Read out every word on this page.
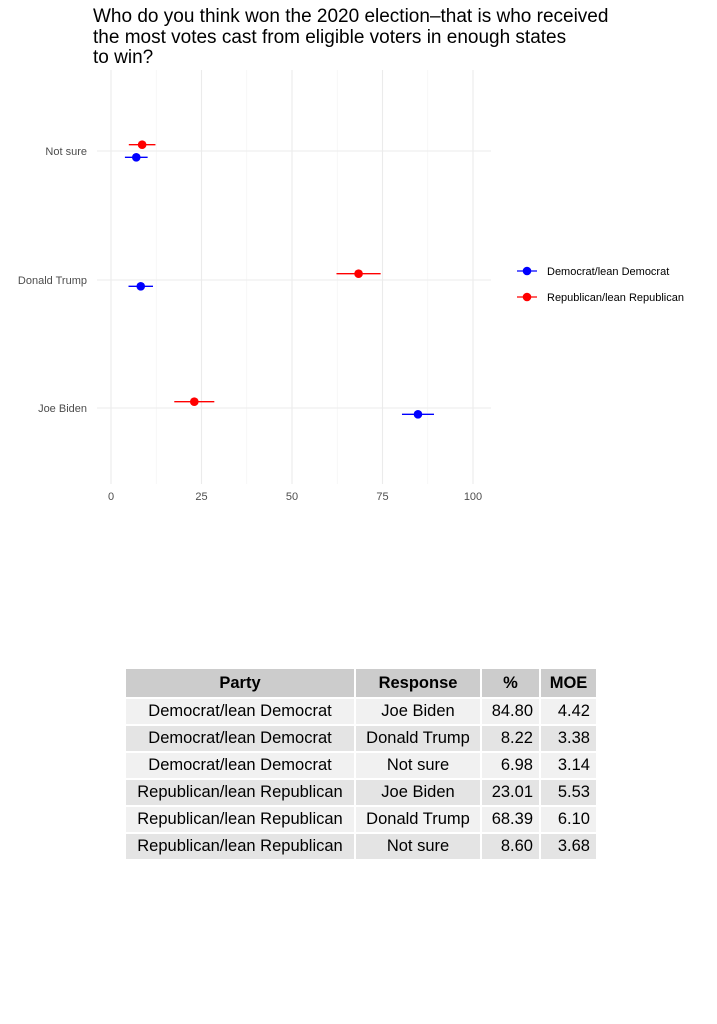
Who do you think won the 2020 election–that is who received
the most votes cast from eligible voters in enough states
to win?
0	25	50	75	100
Not sure
Donald Trump
Joe Biden
Democrat/lean Democrat
Republican/lean Republican
Party	Response	%	MOE
Democrat/lean Democrat	Joe Biden	84.80	4.42
Democrat/lean Democrat	Donald Trump	8.22	3.38
Democrat/lean Democrat	Not sure	6.98	3.14
Republican/lean Republican	Joe Biden	23.01	5.53
Republican/lean Republican	Donald Trump	68.39	6.10
Republican/lean Republican	Not sure	8.60	3.68
